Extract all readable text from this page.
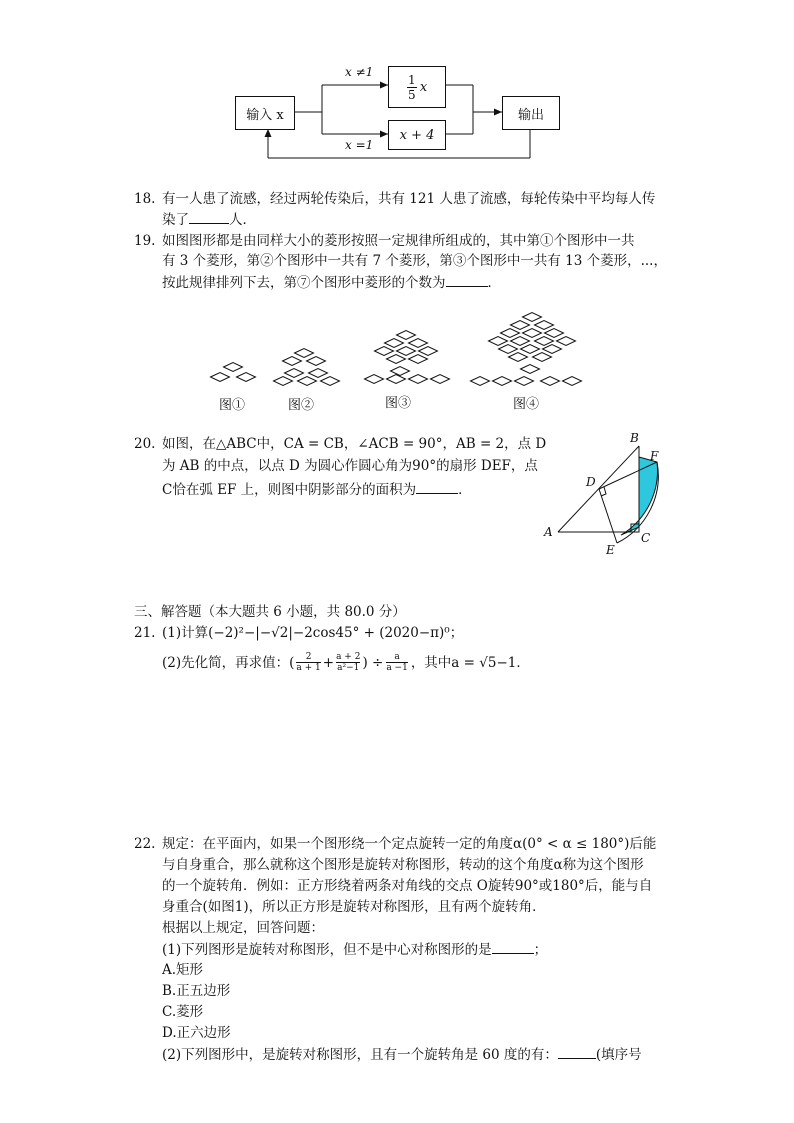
输入 x	输出
1
5 x
x + 4
x ≠1
x =1
18. 有一人患了流感，经过两轮传染后，共有 121 人患了流感，每轮传染中平均每人传
染了	人．
19. 如图图形都是由同样大小的菱形按照一定规律所组成的，其中第①个图形中一共
有 3 个菱形，第②个图形中一共有 7 个菱形，第③个图形中一共有 13 个菱形，...，
按此规律排列下去，第⑦个图形中菱形的个数为	．
图①	图②	图③	图④
20. 如图，在△ABC中，CA = CB，∠ACB = 90°，AB = 2，点 D
为 AB 的中点，以点 D 为圆心作圆心角为90°的扇形 DEF，点
C恰在弧 EF 上，则图中阴影部分的面积为	．
A
B
C
D
E
F
三、解答题（本大题共 6 小题，共 80.0 分）
21. (1)计算(−2)²−|−√2|−2cos45° + (2020−π)⁰；
(2)先化简，再求值： ( 2
a + 1 + a + 2
a²−1 ) ÷ a
a −1 ，其中a = √5−1．
22. 规定：在平面内，如果一个图形绕一个定点旋转一定的角度α(0° < α ≤ 180°)后能
与自身重合，那么就称这个图形是旋转对称图形，转动的这个角度α称为这个图形
的一个旋转角．例如：正方形绕着两条对角线的交点 O旋转90°或180°后，能与自
身重合(如图1)，所以正方形是旋转对称图形，且有两个旋转角．
根据以上规定，回答问题：
(1)下列图形是旋转对称图形，但不是中心对称图形的是	；
A.矩形
B.正五边形
C.菱形
D.正六边形
(2)下列图形中，是旋转对称图形，且有一个旋转角是 60 度的有：	(填序号
